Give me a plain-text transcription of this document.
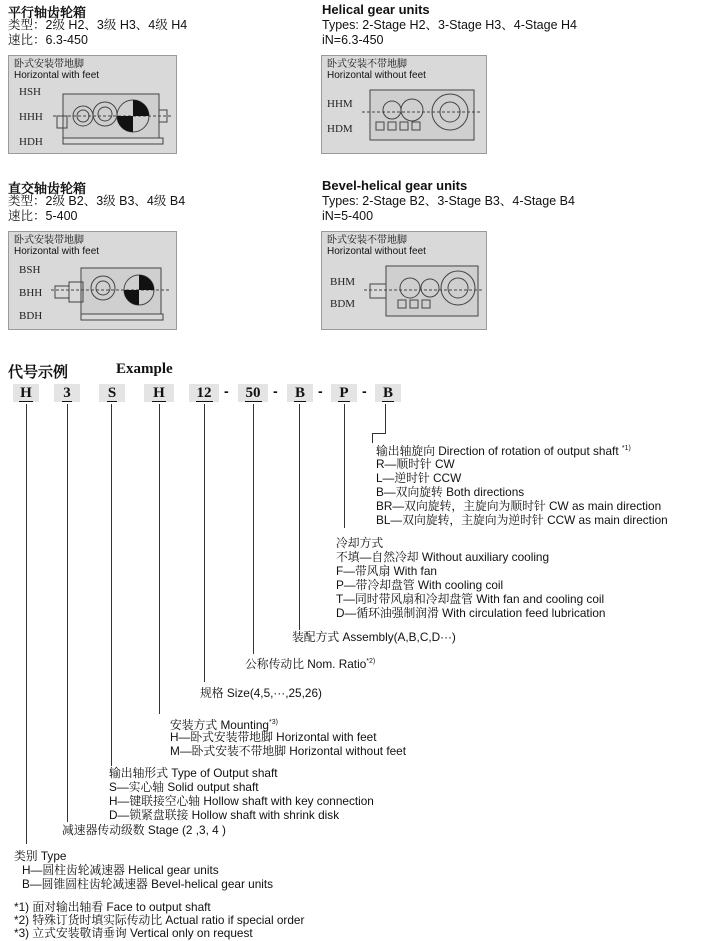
平行轴齿轮箱
类型：2级 H2、3级 H3、4级 H4
速比：6.3-450
Helical gear units
Types: 2-Stage H2、3-Stage H3、4-Stage H4
iN=6.3-450
卧式安装带地脚
Horizontal with feet
HSH
HHH
HDH
卧式安装不带地脚
Horizontal without feet
HHM
HDM
直交轴齿轮箱
类型：2级 B2、3级 B3、4级 B4
速比：5-400
Bevel-helical gear units
Types: 2-Stage B2、3-Stage B3、4-Stage B4
iN=5-400
卧式安装带地脚
Horizontal with feet
BSH
BHH
BDH
卧式安装不带地脚
Horizontal without feet
BHM
BDM
代号示例	Example
H	3	S	H	12 -	50 -	B -	P -	B
输出轴旋向 Direction of rotation of output shaft $^{*1)}$
R—顺时针 CW
L—逆时针 CCW
B—双向旋转 Both directions
BR—双向旋转，主旋向为顺时针 CW as main direction
BL—双向旋转，主旋向为逆时针 CCW as main direction
冷却方式
不填—自然冷却 Without auxiliary cooling
F—带风扇 With fan
P—带冷却盘管 With cooling coil
T—同时带风扇和冷却盘管 With fan and cooling coil
D—循环油强制润滑 With circulation feed lubrication
装配方式 Assembly(A,B,C,D···)
公称传动比 Nom. Ratio$^{*2)}$
规格 Size(4,5,···,25,26)
安装方式 Mounting$^{*3)}$
H—卧式安装带地脚 Horizontal with feet
M—卧式安装不带地脚 Horizontal without feet
输出轴形式 Type of Output shaft
S—实心轴 Solid output shaft
H—键联接空心轴 Hollow shaft with key connection
D—锁紧盘联接 Hollow shaft with shrink disk
减速器传动级数 Stage (2 ,3, 4 )
类别 Type
H—圆柱齿轮减速器 Helical gear units
B—圆锥圆柱齿轮减速器 Bevel-helical gear units
*1) 面对输出轴看 Face to output shaft
*2) 特殊订货时填实际传动比 Actual ratio if special order
*3) 立式安装敬请垂询 Vertical only on request
